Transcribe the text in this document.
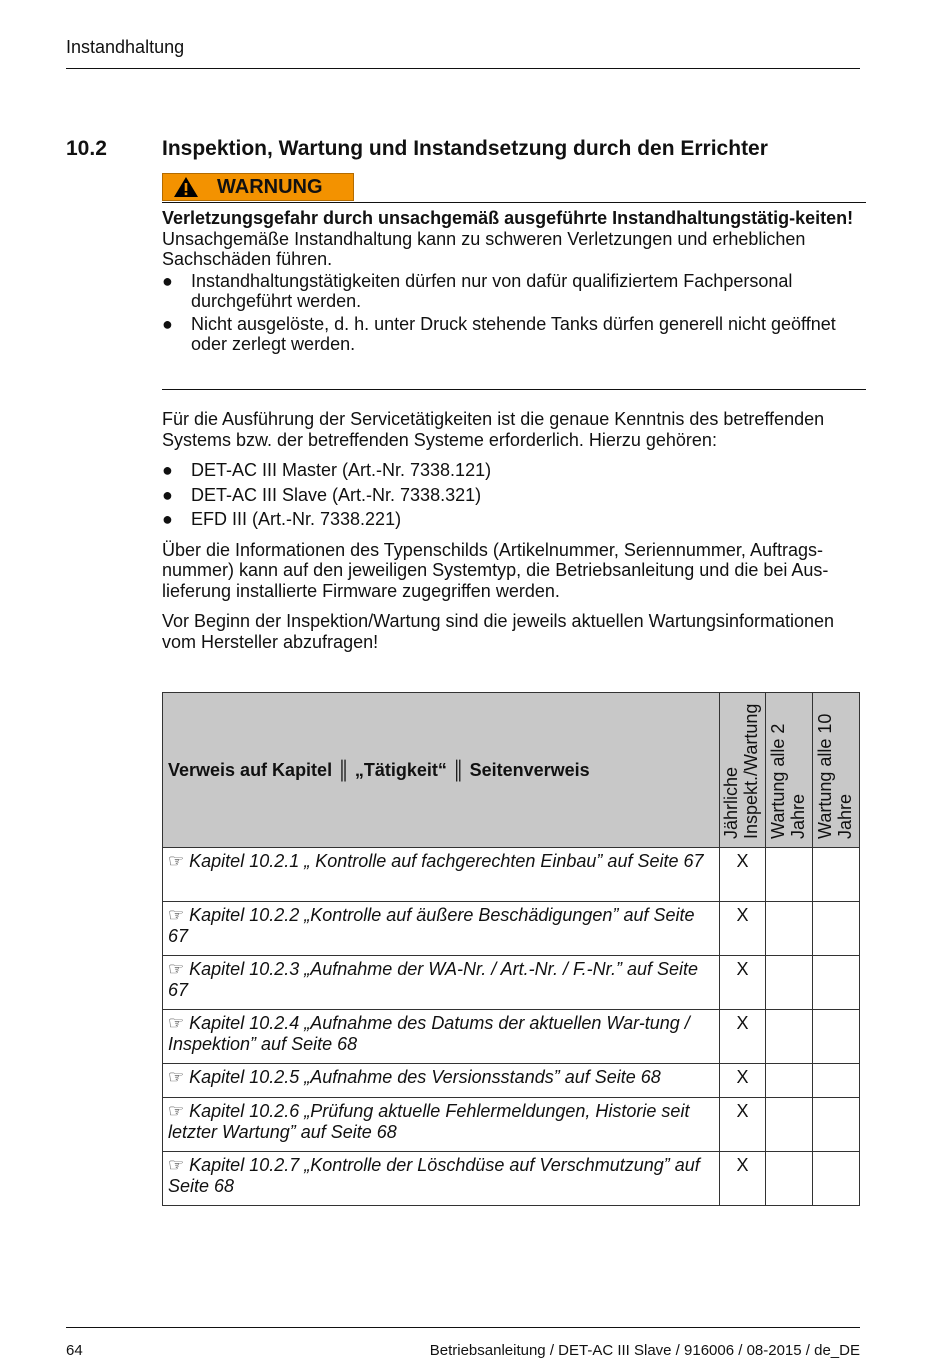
Instandhaltung
10.2	Inspektion, Wartung und Instandsetzung durch den Errichter
WARNUNG

Verletzungsgefahr durch unsachgemäß ausgeführte Instandhaltungstätig-keiten!

Unsachgemäße Instandhaltung kann zu schweren Verletzungen und erheblichen Sachschäden führen.

●	Instandhaltungstätigkeiten dürfen nur von dafür qualifiziertem Fachpersonal durchgeführt werden.
●	Nicht ausgelöste, d. h. unter Druck stehende Tanks dürfen generell nicht geöffnet oder zerlegt werden.

Für die Ausführung der Servicetätigkeiten ist die genaue Kenntnis des betreffenden Systems bzw. der betreffenden Systeme erforderlich. Hierzu gehören:

●	DET-AC III Master (Art.-Nr. 7338.121)
●	DET-AC III Slave (Art.-Nr. 7338.321)
●	EFD III (Art.-Nr. 7338.221)

Über die Informationen des Typenschilds (Artikelnummer, Seriennummer, Auftrags-nummer) kann auf den jeweiligen Systemtyp, die Betriebsanleitung und die bei Aus-lieferung installierte Firmware zugegriffen werden.

Vor Beginn der Inspektion/Wartung sind die jeweils aktuellen Wartungsinformationen vom Hersteller abzufragen!

Verweis auf Kapitel ║ „Tätigkeit“ ║ Seitenverweis	Jährliche Inspekt./Wartung	Wartung alle 2 Jahre	Wartung alle 10 Jahre

☞ Kapitel 10.2.1 „ Kontrolle auf fachgerechten Einbau” auf Seite 67	X		
☞ Kapitel 10.2.2 „Kontrolle auf äußere Beschädigungen” auf Seite 67	X		
☞ Kapitel 10.2.3 „Aufnahme der WA-Nr. / Art.-Nr. / F.-Nr.” auf Seite 67	X		
☞ Kapitel 10.2.4 „Aufnahme des Datums der aktuellen War-tung / Inspektion” auf Seite 68	X		
☞ Kapitel 10.2.5 „Aufnahme des Versionsstands” auf Seite 68	X		
☞ Kapitel 10.2.6 „Prüfung aktuelle Fehlermeldungen, Historie seit letzter Wartung” auf Seite 68	X		
☞ Kapitel 10.2.7 „Kontrolle der Löschdüse auf Verschmutzung” auf Seite 68	X		
64	Betriebsanleitung / DET-AC III Slave / 916006 / 08-2015 / de_DE
